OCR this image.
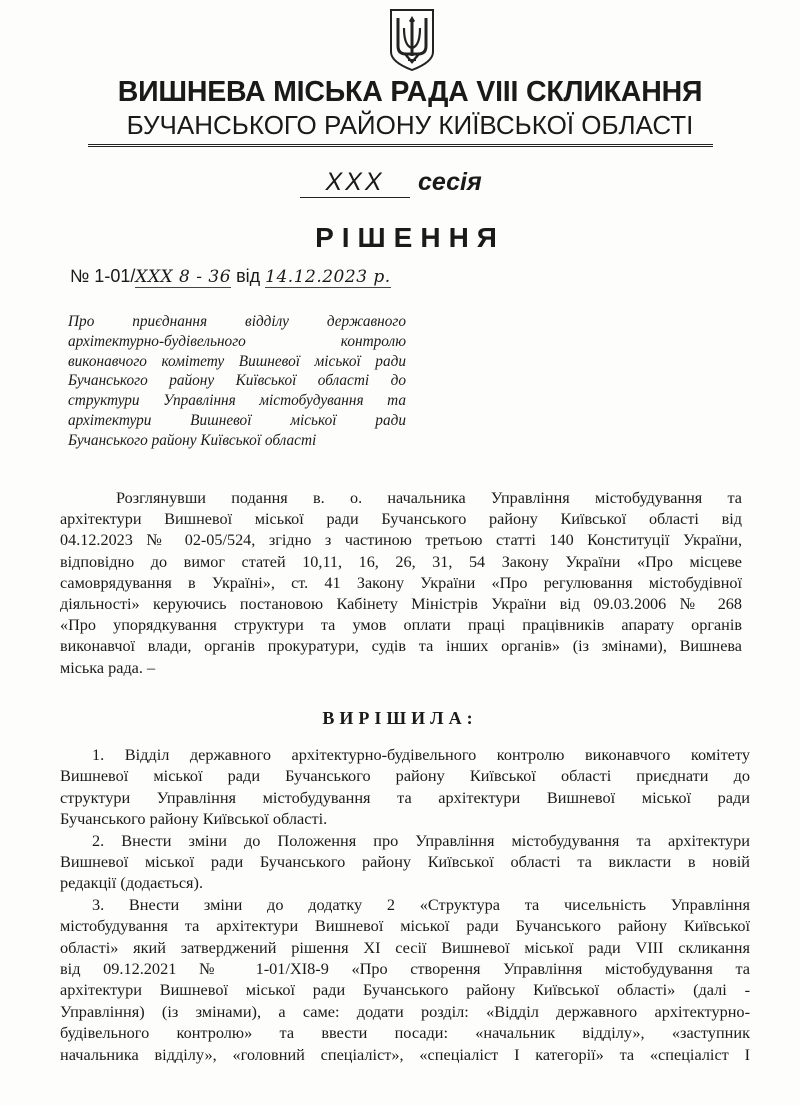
ВИШНЕВА МІСЬКА РАДА VIII СКЛИКАННЯ
БУЧАНСЬКОГО РАЙОНУ КИЇВСЬКОЇ ОБЛАСТІ
XXX сесія
РІШЕННЯ
№ 1-01/XXX 8 - 36 від 14.12.2023 р.
Про приєднання відділу державного
архітектурно-будівельного контролю
виконавчого комітету Вишневої міської ради
Бучанського району Київської області до
структури Управління містобудування та
архітектури Вишневої міської ради
Бучанського району Київської області
Розглянувши подання в. о. начальника Управління містобудування та
архітектури Вишневої міської ради Бучанського району Київської області від
04.12.2023 № 02-05/524, згідно з частиною третьою статті 140 Конституції України,
відповідно до вимог статей 10,11, 16, 26, 31, 54 Закону України «Про місцеве
самоврядування в Україні», ст. 41 Закону України «Про регулювання містобудівної
діяльності» керуючись постановою Кабінету Міністрів України від 09.03.2006 № 268
«Про упорядкування структури та умов оплати праці працівників апарату органів
виконавчої влади, органів прокуратури, судів та інших органів» (із змінами), Вишнева
міська рада. –
ВИРІШИЛА:
1. Відділ державного архітектурно-будівельного контролю виконавчого комітету
Вишневої міської ради Бучанського району Київської області приєднати до
структури Управління містобудування та архітектури Вишневої міської ради
Бучанського району Київської області.
2. Внести зміни до Положення про Управління містобудування та архітектури
Вишневої міської ради Бучанського району Київської області та викласти в новій
редакції (додається).
3. Внести зміни до додатку 2 «Структура та чисельність Управління
містобудування та архітектури Вишневої міської ради Бучанського району Київської
області» який затверджений рішення XI сесії Вишневої міської ради VIII скликання
від 09.12.2021 № 1-01/XI8-9 «Про створення Управління містобудування та
архітектури Вишневої міської ради Бучанського району Київської області» (далі -
Управління) (із змінами), а саме: додати розділ: «Відділ державного архітектурно-
будівельного контролю» та ввести посади: «начальник відділу», «заступник
начальника відділу», «головний спеціаліст», «спеціаліст І категорії» та «спеціаліст І
